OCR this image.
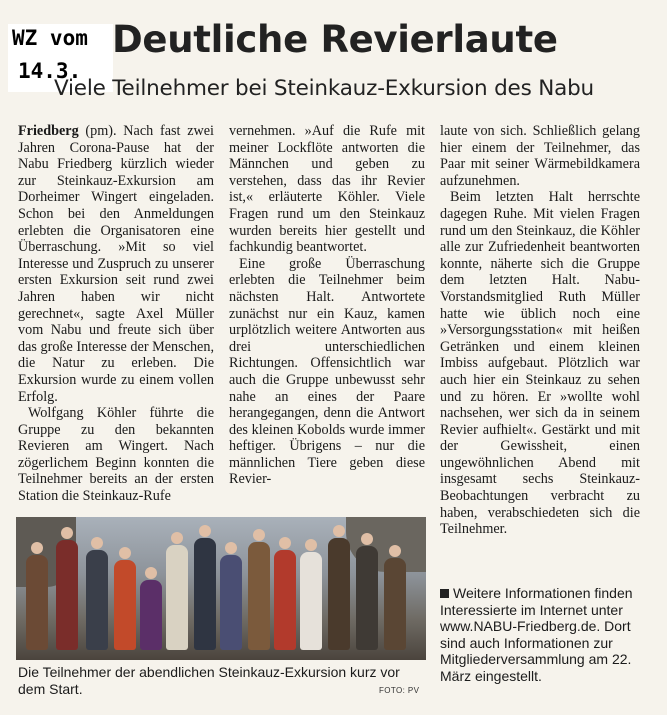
WZ vom
14.3.
Deutliche Revierlaute
Viele Teilnehmer bei Steinkauz-Exkursion des Nabu

Friedberg (pm). Nach fast zwei Jahren Corona-Pause hat der Nabu Friedberg kürzlich wieder zur Steinkauz-Exkursion am Dorheimer Wingert eingeladen. Schon bei den Anmeldungen erlebten die Organisatoren eine Überraschung. »Mit so viel Interesse und Zuspruch zu unserer ersten Exkursion seit rund zwei Jahren haben wir nicht gerechnet«, sagte Axel Müller vom Nabu und freute sich über das große Interesse der Menschen, die Natur zu erleben. Die Exkursion wurde zu einem vollen Erfolg.

Wolfgang Köhler führte die Gruppe zu den bekannten Revieren am Wingert. Nach zögerlichem Beginn konnten die Teilnehmer bereits an der ersten Station die Steinkauz-Rufe

vernehmen. »Auf die Rufe mit meiner Lockflöte antworten die Männchen und geben zu verstehen, dass das ihr Revier ist,« erläuterte Köhler. Viele Fragen rund um den Steinkauz wurden bereits hier gestellt und fachkundig beantwortet.

Eine große Überraschung erlebten die Teilnehmer beim nächsten Halt. Antwortete zunächst nur ein Kauz, kamen urplötzlich weitere Antworten aus drei unterschiedlichen Richtungen. Offensichtlich war auch die Gruppe unbewusst sehr nahe an eines der Paare herangegangen, denn die Antwort des kleinen Kobolds wurde immer heftiger. Übrigens – nur die männlichen Tiere geben diese Revier-

laute von sich. Schließlich gelang hier einem der Teilnehmer, das Paar mit seiner Wärmebildkamera aufzunehmen.

Beim letzten Halt herrschte dagegen Ruhe. Mit vielen Fragen rund um den Steinkauz, die Köhler alle zur Zufriedenheit beantworten konnte, näherte sich die Gruppe dem letzten Halt. Nabu-Vorstandsmitglied Ruth Müller hatte wie üblich noch eine »Versorgungsstation« mit heißen Getränken und einem kleinen Imbiss aufgebaut. Plötzlich war auch hier ein Steinkauz zu sehen und zu hören. Er »wollte wohl nachsehen, wer sich da in seinem Revier aufhielt«. Gestärkt und mit der Gewissheit, einen ungewöhnlichen Abend mit insgesamt sechs Steinkauz-Beobachtungen verbracht zu haben, verabschiedeten sich die Teilnehmer.

Die Teilnehmer der abendlichen Steinkauz-Exkursion kurz vor dem Start.	FOTO: PV
Weitere Informationen finden Interessierte im Internet unter www.NABU-Friedberg.de. Dort sind auch Informationen zur Mitgliederversammlung am 22. März eingestellt.
